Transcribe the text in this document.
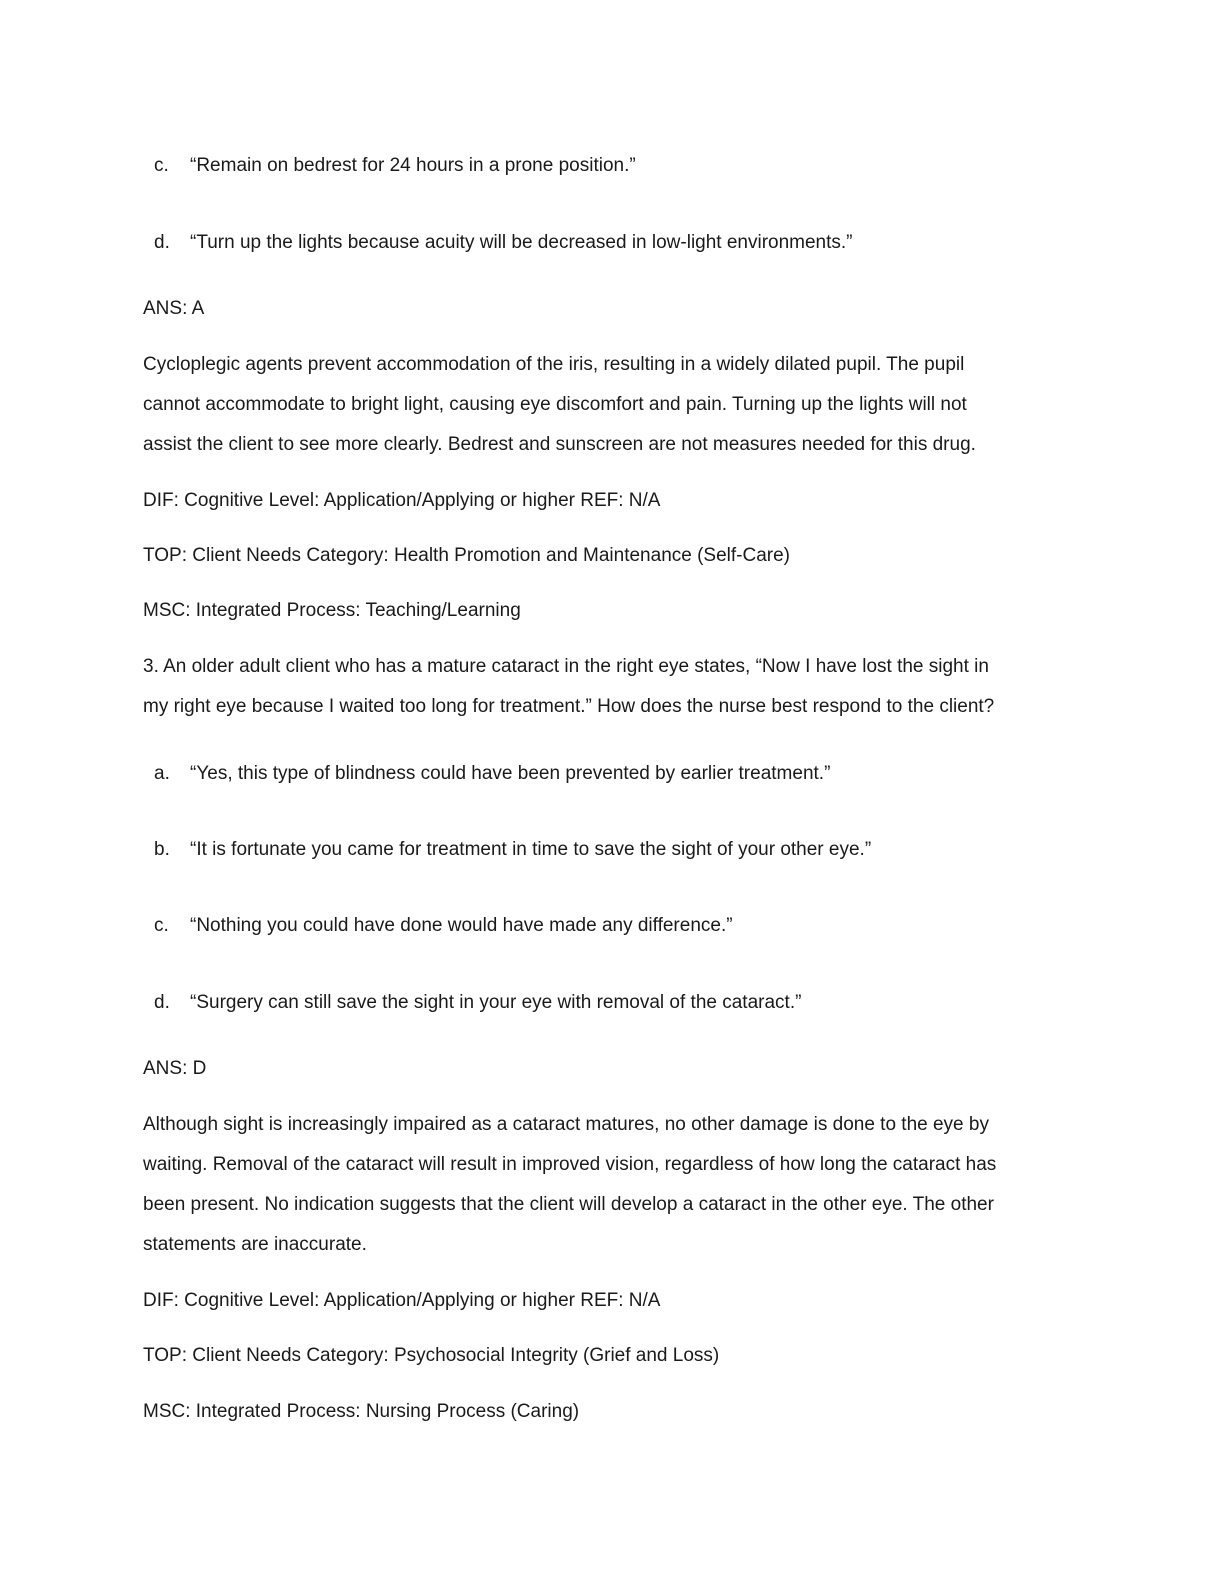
c. “Remain on bedrest for 24 hours in a prone position.”
d. “Turn up the lights because acuity will be decreased in low-light environments.”
ANS: A
Cycloplegic agents prevent accommodation of the iris, resulting in a widely dilated pupil. The pupil
cannot accommodate to bright light, causing eye discomfort and pain. Turning up the lights will not
assist the client to see more clearly. Bedrest and sunscreen are not measures needed for this drug.
DIF: Cognitive Level: Application/Applying or higher REF: N/A
TOP: Client Needs Category: Health Promotion and Maintenance (Self-Care)
MSC: Integrated Process: Teaching/Learning
3. An older adult client who has a mature cataract in the right eye states, “Now I have lost the sight in
my right eye because I waited too long for treatment.” How does the nurse best respond to the client?
a. “Yes, this type of blindness could have been prevented by earlier treatment.”
b. “It is fortunate you came for treatment in time to save the sight of your other eye.”
c. “Nothing you could have done would have made any difference.”
d. “Surgery can still save the sight in your eye with removal of the cataract.”
ANS: D
Although sight is increasingly impaired as a cataract matures, no other damage is done to the eye by
waiting. Removal of the cataract will result in improved vision, regardless of how long the cataract has
been present. No indication suggests that the client will develop a cataract in the other eye. The other
statements are inaccurate.
DIF: Cognitive Level: Application/Applying or higher REF: N/A
TOP: Client Needs Category: Psychosocial Integrity (Grief and Loss)
MSC: Integrated Process: Nursing Process (Caring)
